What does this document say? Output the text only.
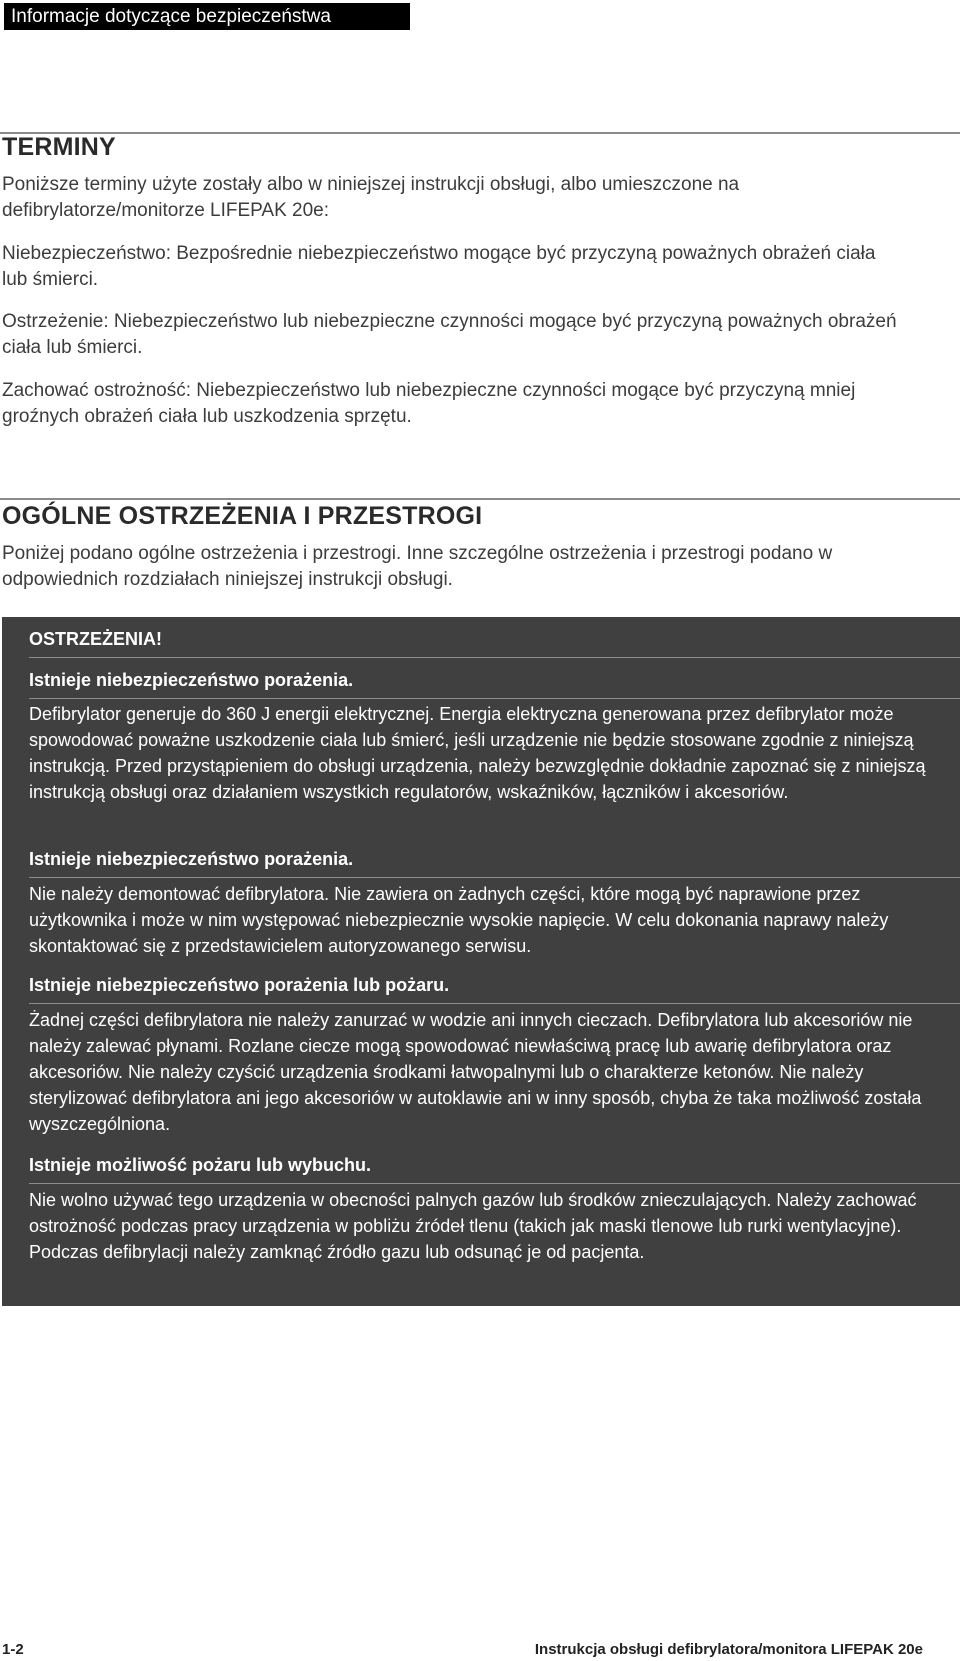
Informacje dotyczące bezpieczeństwa
TERMINY

Poniższe terminy użyte zostały albo w niniejszej instrukcji obsługi, albo umieszczone na defibrylatorze/monitorze LIFEPAK 20e:

Niebezpieczeństwo: Bezpośrednie niebezpieczeństwo mogące być przyczyną poważnych obrażeń ciała lub śmierci.

Ostrzeżenie: Niebezpieczeństwo lub niebezpieczne czynności mogące być przyczyną poważnych obrażeń ciała lub śmierci.

Zachować ostrożność: Niebezpieczeństwo lub niebezpieczne czynności mogące być przyczyną mniej groźnych obrażeń ciała lub uszkodzenia sprzętu.

OGÓLNE OSTRZEŻENIA I PRZESTROGI

Poniżej podano ogólne ostrzeżenia i przestrogi. Inne szczególne ostrzeżenia i przestrogi podano w odpowiednich rozdziałach niniejszej instrukcji obsługi.

OSTRZEŻENIA!
Istnieje niebezpieczeństwo porażenia.

Defibrylator generuje do 360 J energii elektrycznej. Energia elektryczna generowana przez defibrylator może spowodować poważne uszkodzenie ciała lub śmierć, jeśli urządzenie nie będzie stosowane zgodnie z niniejszą instrukcją. Przed przystąpieniem do obsługi urządzenia, należy bezwzględnie dokładnie zapoznać się z niniejszą instrukcją obsługi oraz działaniem wszystkich regulatorów, wskaźników, łączników i akcesoriów.

Istnieje niebezpieczeństwo porażenia.

Nie należy demontować defibrylatora. Nie zawiera on żadnych części, które mogą być naprawione przez użytkownika i może w nim występować niebezpiecznie wysokie napięcie. W celu dokonania naprawy należy skontaktować się z przedstawicielem autoryzowanego serwisu.

Istnieje niebezpieczeństwo porażenia lub pożaru.

Żadnej części defibrylatora nie należy zanurzać w wodzie ani innych cieczach. Defibrylatora lub akcesoriów nie należy zalewać płynami. Rozlane ciecze mogą spowodować niewłaściwą pracę lub awarię defibrylatora oraz akcesoriów. Nie należy czyścić urządzenia środkami łatwopalnymi lub o charakterze ketonów. Nie należy sterylizować defibrylatora ani jego akcesoriów w autoklawie ani w inny sposób, chyba że taka możliwość została wyszczególniona.

Istnieje możliwość pożaru lub wybuchu.

Nie wolno używać tego urządzenia w obecności palnych gazów lub środków znieczulających. Należy zachować ostrożność podczas pracy urządzenia w pobliżu źródeł tlenu (takich jak maski tlenowe lub rurki wentylacyjne). Podczas defibrylacji należy zamknąć źródło gazu lub odsunąć je od pacjenta.

1-2	Instrukcja obsługi defibrylatora/monitora LIFEPAK 20e
